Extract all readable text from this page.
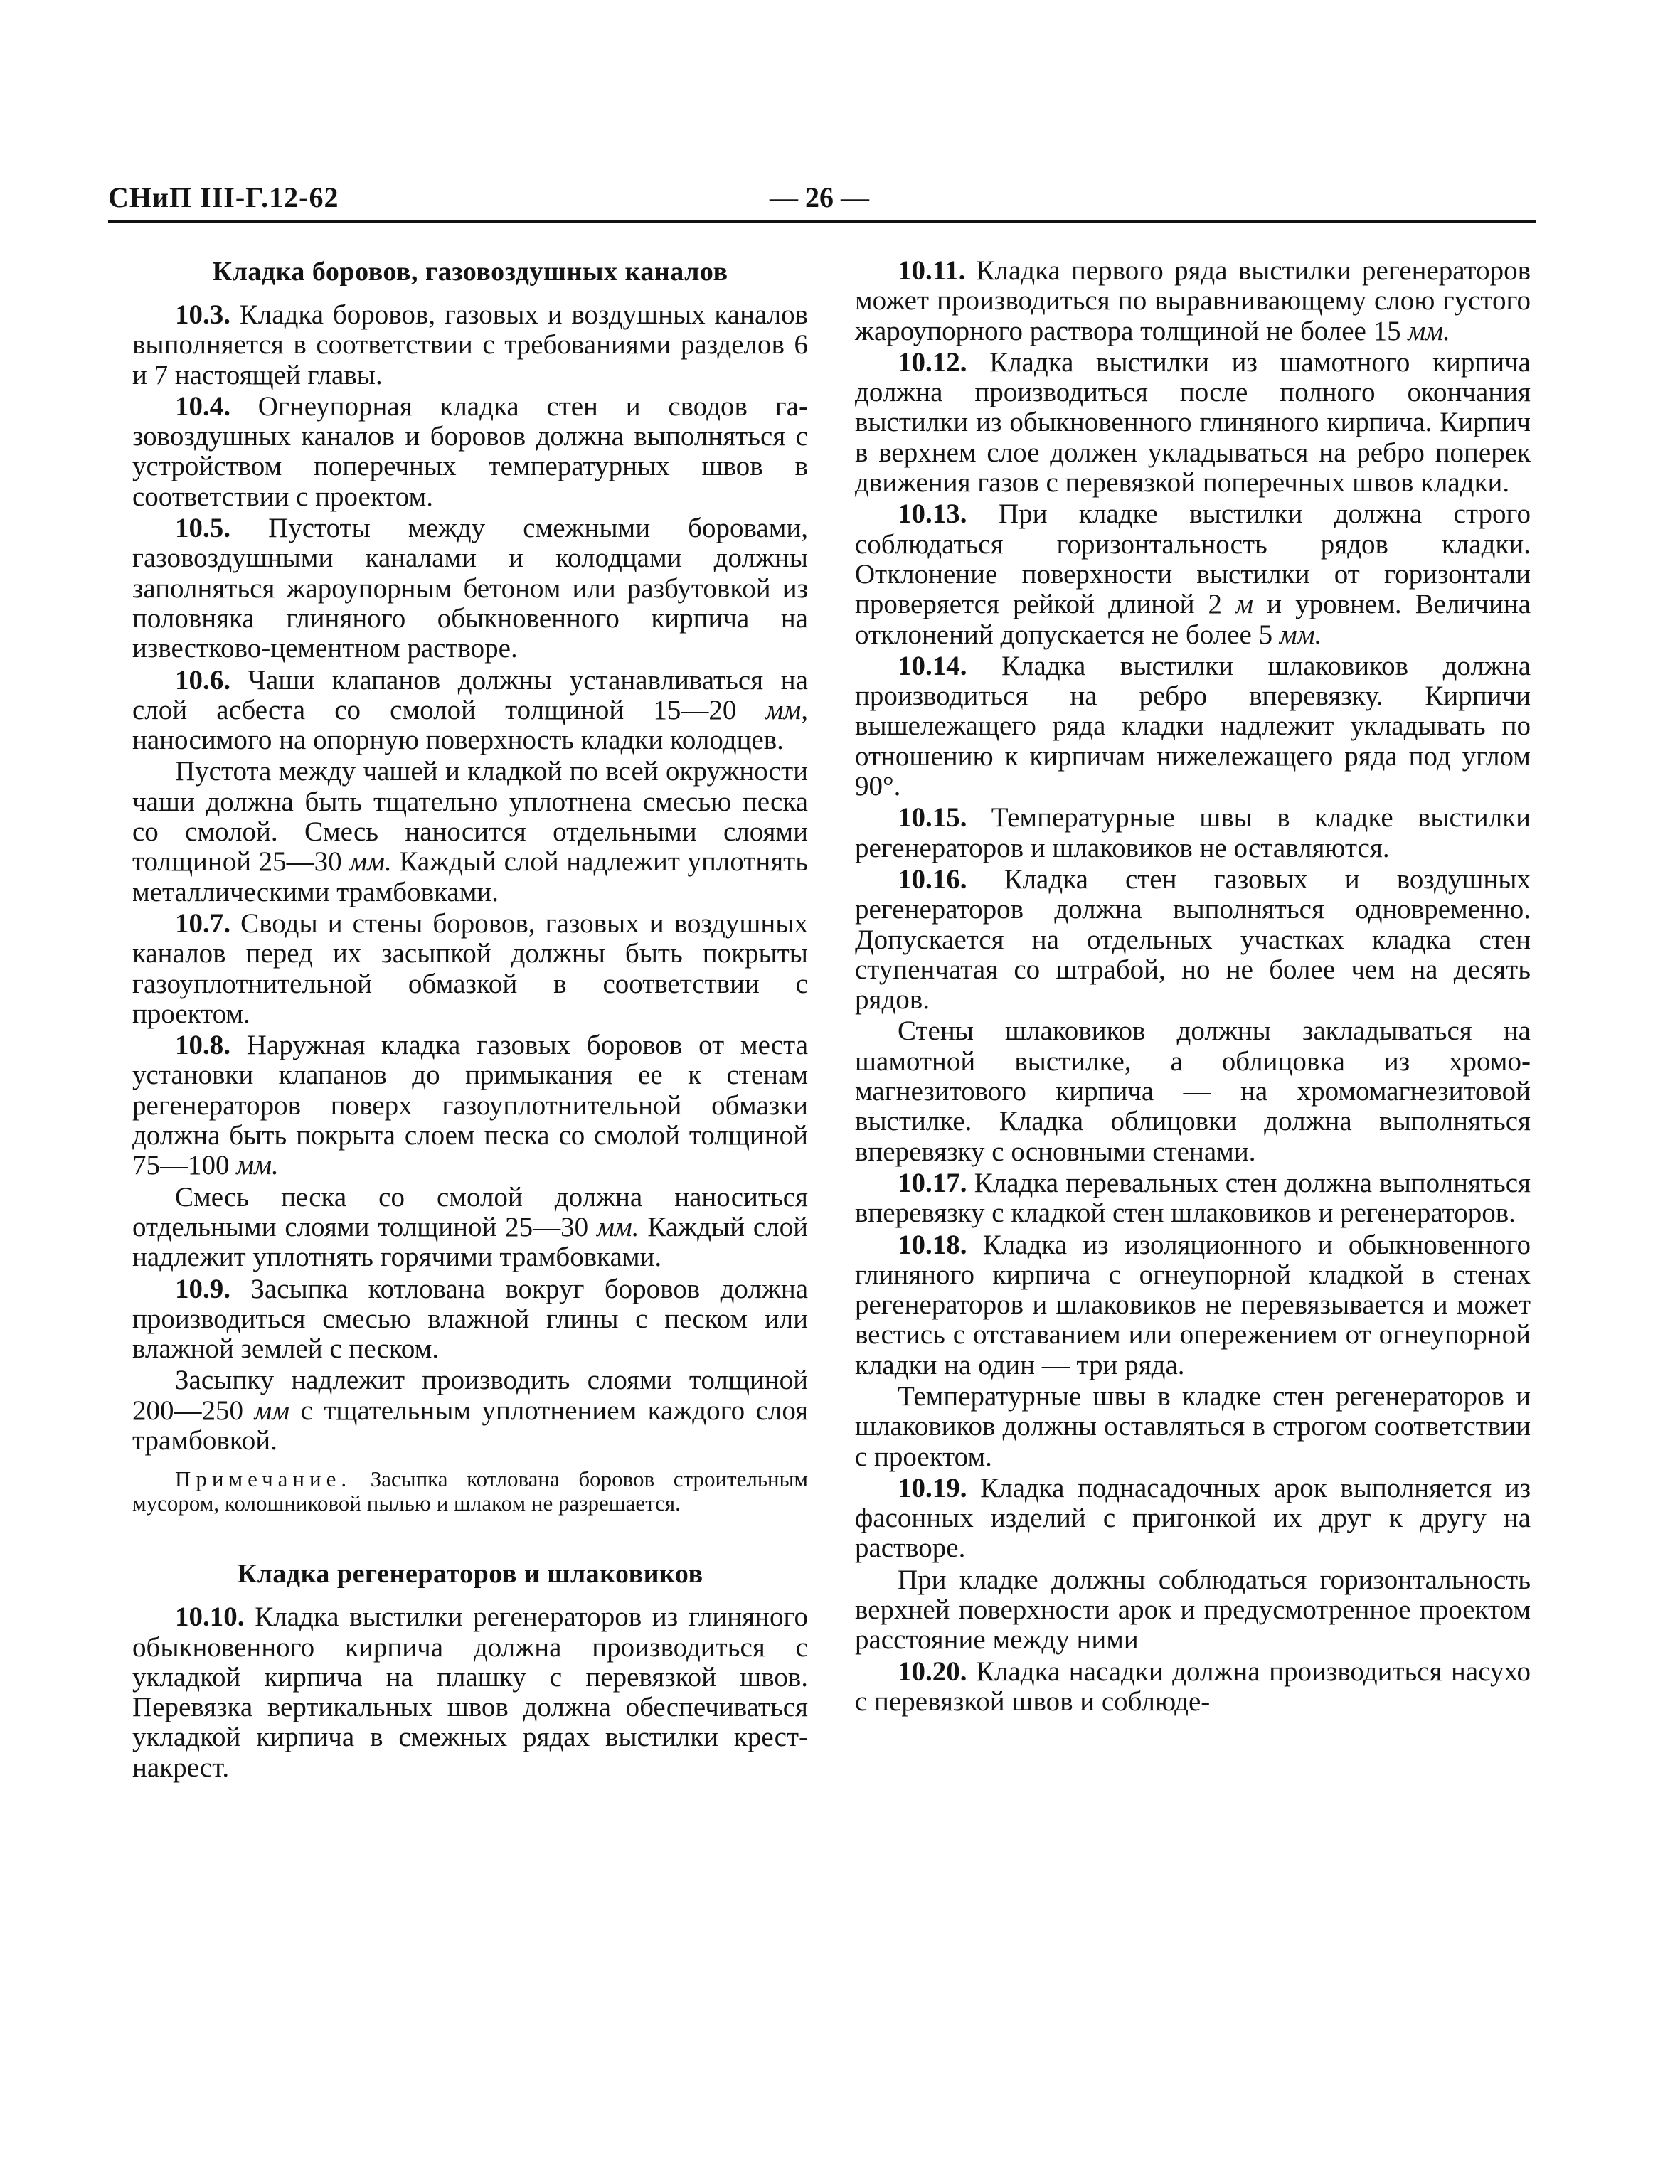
СНиП III-Г.12-62	— 26 —
Кладка боровов, газовоздушных каналов

10.3. Кладка боровов, газовых и воздушных каналов выполняется в соответствии с требованиями разделов 6 и 7 настоящей главы.

10.4. Огнеупорная кладка стен и сводов газовоздушных каналов и боровов должна выполняться с устройством поперечных температурных швов в соответствии с проектом.

10.5. Пустоты между смежными боровами, газовоздушными каналами и колодцами должны заполняться жароупорным бетоном или разбутовкой из половняка глиняного обыкновенного кирпича на известково-цементном растворе.

10.6. Чаши клапанов должны устанавливаться на слой асбеста со смолой толщиной 15—20 мм, наносимого на опорную поверхность кладки колодцев.

Пустота между чашей и кладкой по всей окружности чаши должна быть тщательно уплотнена смесью песка со смолой. Смесь наносится отдельными слоями толщиной 25—30 мм. Каждый слой надлежит уплотнять металлическими трамбовками.

10.7. Своды и стены боровов, газовых и воздушных каналов перед их засыпкой должны быть покрыты газоуплотнительной обмазкой в соответствии с проектом.

10.8. Наружная кладка газовых боровов от места установки клапанов до примыкания ее к стенам регенераторов поверх газоуплотнительной обмазки должна быть покрыта слоем песка со смолой толщиной 75—100 мм.

Смесь песка со смолой должна наноситься отдельными слоями толщиной 25—30 мм. Каждый слой надлежит уплотнять горячими трамбовками.

10.9. Засыпка котлована вокруг боровов должна производиться смесью влажной глины с песком или влажной землей с песком.

Засыпку надлежит производить слоями толщиной 200—250 мм с тщательным уплотнением каждого слоя трамбовкой.

Примечание. Засыпка котлована боровов строительным мусором, колошниковой пылью и шлаком не разрешается.
Кладка регенераторов и шлаковиков

10.10. Кладка выстилки регенераторов из глиняного обыкновенного кирпича должна производиться с укладкой кирпича на плашку с перевязкой швов. Перевязка вертикальных швов должна обеспечиваться укладкой кирпича в смежных рядах выстилки крест-накрест.

10.11. Кладка первого ряда выстилки регенераторов может производиться по выравнивающему слою густого жароупорного раствора толщиной не более 15 мм.

10.12. Кладка выстилки из шамотного кирпича должна производиться после полного окончания выстилки из обыкновенного глиняного кирпича. Кирпич в верхнем слое должен укладываться на ребро поперек движения газов с перевязкой поперечных швов кладки.

10.13. При кладке выстилки должна строго соблюдаться горизонтальность рядов кладки. Отклонение поверхности выстилки от горизонтали проверяется рейкой длиной 2 м и уровнем. Величина отклонений допускается не более 5 мм.

10.14. Кладка выстилки шлаковиков должна производиться на ребро вперевязку. Кирпичи вышележащего ряда кладки надлежит укладывать по отношению к кирпичам нижележащего ряда под углом 90°.

10.15. Температурные швы в кладке выстилки регенераторов и шлаковиков не оставляются.

10.16. Кладка стен газовых и воздушных регенераторов должна выполняться одновременно. Допускается на отдельных участках кладка стен ступенчатая со штрабой, но не более чем на десять рядов.

Стены шлаковиков должны закладываться на шамотной выстилке, а облицовка из хромомагнезитового кирпича — на хромомагнезитовой выстилке. Кладка облицовки должна выполняться вперевязку с основными стенами.

10.17. Кладка перевальных стен должна выполняться вперевязку с кладкой стен шлаковиков и регенераторов.

10.18. Кладка из изоляционного и обыкновенного глиняного кирпича с огнеупорной кладкой в стенах регенераторов и шлаковиков не перевязывается и может вестись с отставанием или опережением от огнеупорной кладки на один — три ряда.

Температурные швы в кладке стен регенераторов и шлаковиков должны оставляться в строгом соответствии с проектом.

10.19. Кладка поднасадочных арок выполняется из фасонных изделий с пригонкой их друг к другу на растворе.

При кладке должны соблюдаться горизонтальность верхней поверхности арок и предусмотренное проектом расстояние между ними

10.20. Кладка насадки должна производиться насухо с перевязкой швов и соблюде-
